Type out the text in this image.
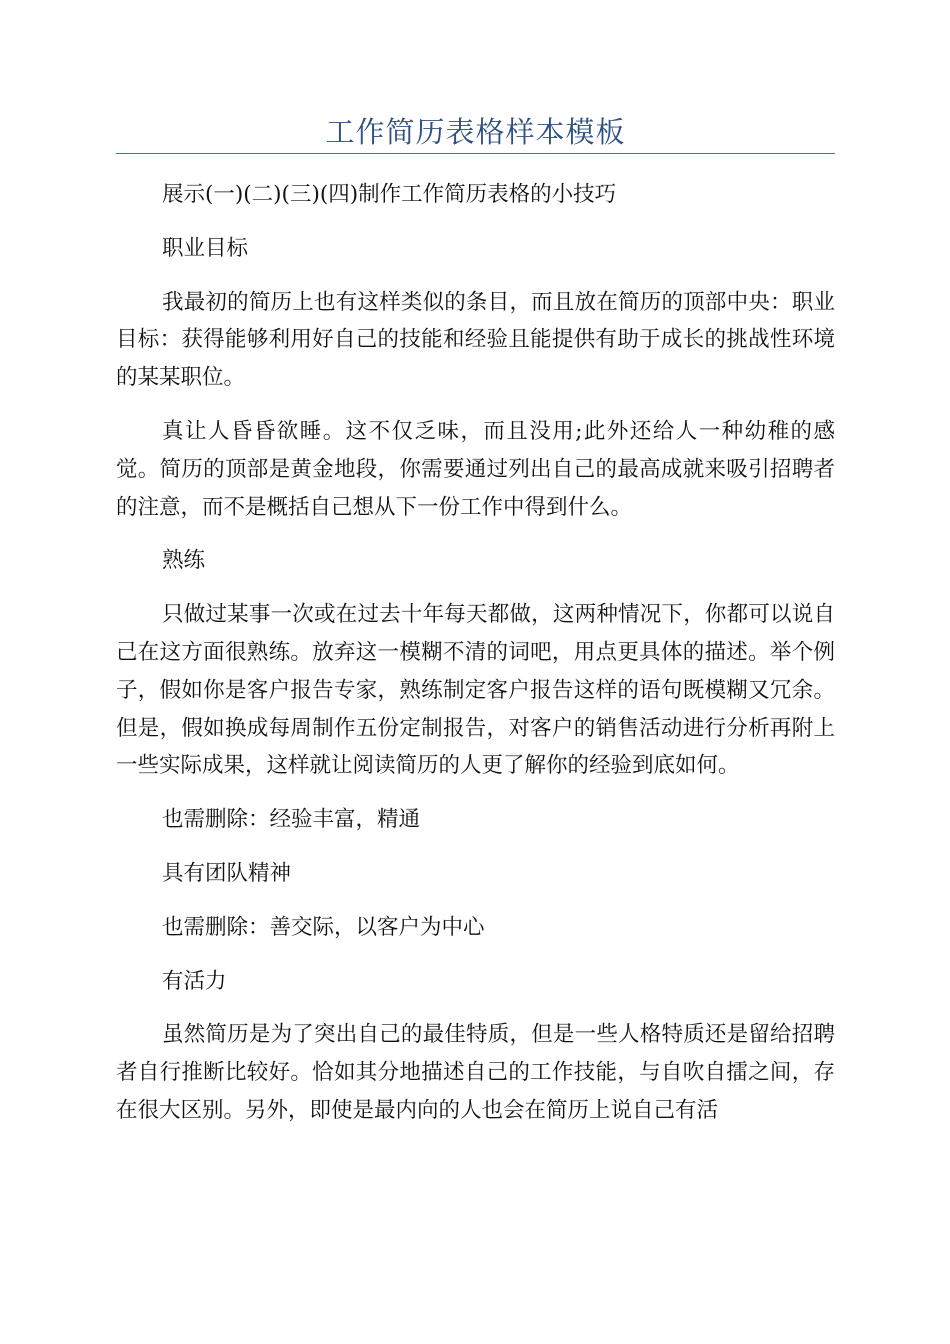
工作简历表格样本模板

展示(一)(二)(三)(四)制作工作简历表格的小技巧

职业目标

我最初的简历上也有这样类似的条目，而且放在简历的顶部中央：职业目标：获得能够利用好自己的技能和经验且能提供有助于成长的挑战性环境的某某职位。

真让人昏昏欲睡。这不仅乏味，而且没用;此外还给人一种幼稚的感觉。简历的顶部是黄金地段，你需要通过列出自己的最高成就来吸引招聘者的注意，而不是概括自己想从下一份工作中得到什么。

熟练

只做过某事一次或在过去十年每天都做，这两种情况下，你都可以说自己在这方面很熟练。放弃这一模糊不清的词吧，用点更具体的描述。举个例子，假如你是客户报告专家，熟练制定客户报告这样的语句既模糊又冗余。但是，假如换成每周制作五份定制报告，对客户的销售活动进行分析再附上一些实际成果，这样就让阅读简历的人更了解你的经验到底如何。

也需删除：经验丰富，精通

具有团队精神

也需删除：善交际，以客户为中心

有活力

虽然简历是为了突出自己的最佳特质，但是一些人格特质还是留给招聘者自行推断比较好。恰如其分地描述自己的工作技能，与自吹自擂之间，存在很大区别。另外，即使是最内向的人也会在简历上说自己有活
